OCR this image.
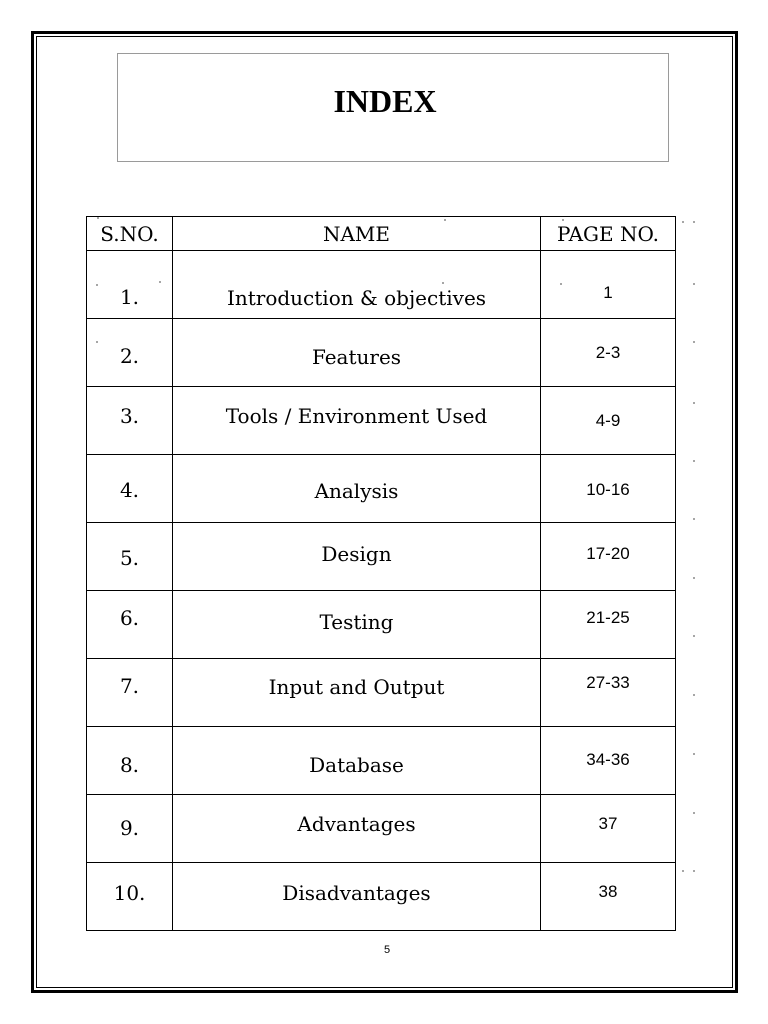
INDEX
S.NO.	NAME	PAGE NO.
1.	Introduction & objectives	1
2.	Features	2-3
3.	Tools / Environment Used	4-9
4.	Analysis	10-16
5.	Design	17-20
6.	Testing	21-25
7.	Input and Output	27-33
8.	Database	34-36
9.	Advantages	37
10.	Disadvantages	38
5
